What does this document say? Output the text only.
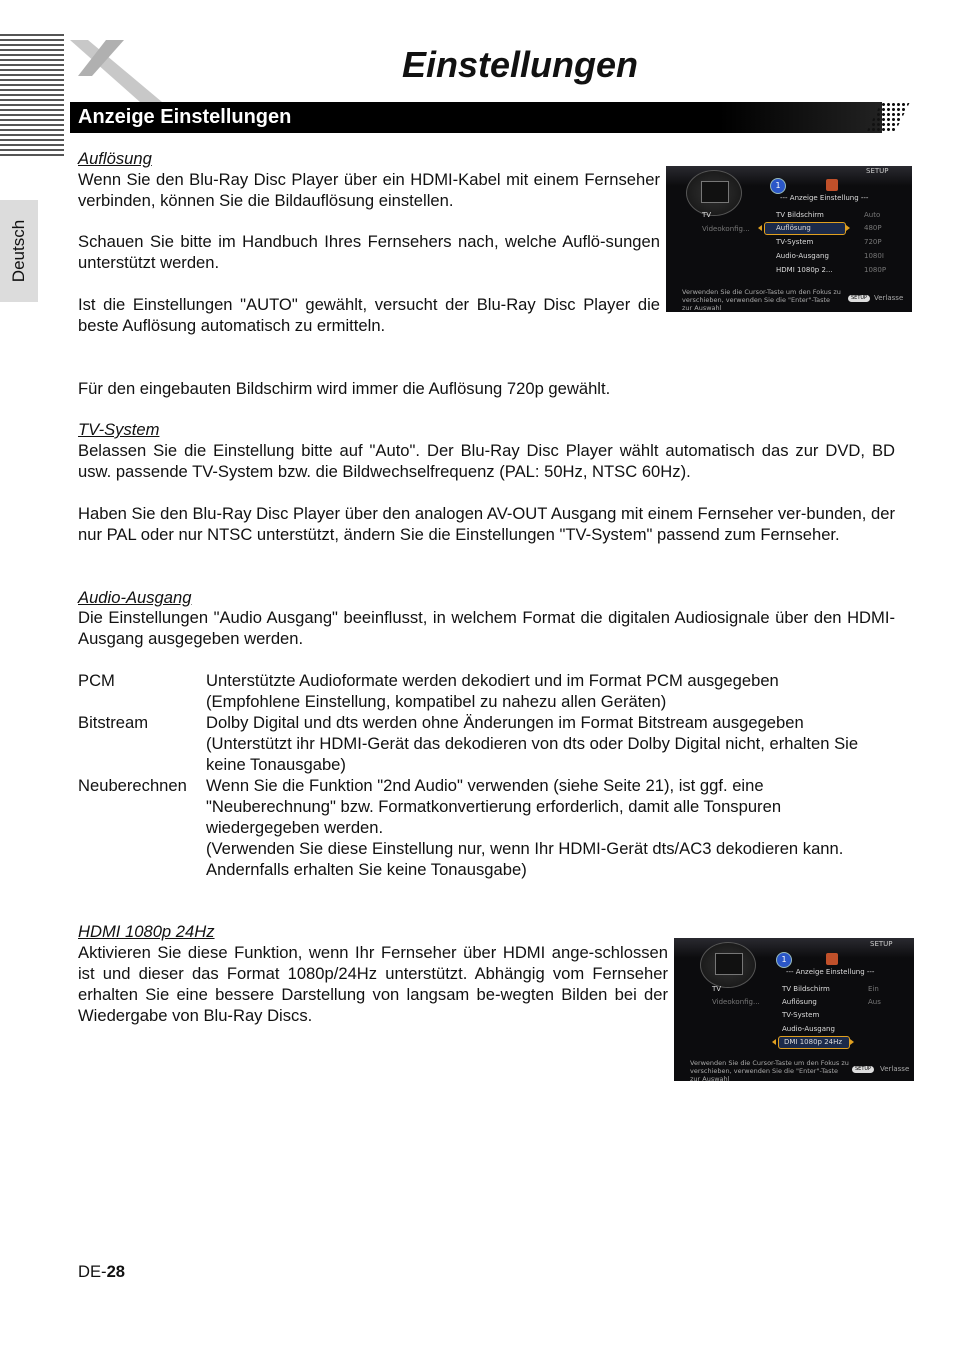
Einstellungen
Deutsch
Anzeige Einstellungen
Auflösung
Wenn Sie den Blu-Ray Disc Player über ein HDMI-Kabel mit einem Fernseher verbinden, können Sie die Bildauflösung einstellen.
Schauen Sie bitte im Handbuch Ihres Fernsehers nach, welche Auflö-sungen unterstützt werden.
Ist die Einstellungen "AUTO" gewählt, versucht der Blu-Ray Disc Player die beste Auflösung automatisch zu ermitteln.
Für den eingebauten Bildschirm wird immer die Auflösung 720p gewählt.
1
SETUP
--- Anzeige Einstellung ---
TV
Videokonfig...
TV Bildschirm
Auflösung
TV-System
Audio-Ausgang
HDMI 1080p 2...
Auto
480P
720P
1080I
1080P
Verwenden Sie die Cursor-Taste um den Fokus zu verschieben, verwenden Sie die "Enter"-Taste zur Auswahl
SETUP Verlasse
TV-System
Belassen Sie die Einstellung bitte auf "Auto". Der Blu-Ray Disc Player wählt automatisch das zur DVD, BD usw. passende TV-System bzw. die Bildwechselfrequenz (PAL: 50Hz, NTSC 60Hz).
Haben Sie den Blu-Ray Disc Player über den analogen AV-OUT Ausgang mit einem Fernseher ver-bunden, der nur PAL oder nur NTSC unterstützt, ändern Sie die Einstellungen "TV-System" passend zum Fernseher.
Audio-Ausgang
Die Einstellungen "Audio Ausgang" beeinflusst, in welchem Format die digitalen Audiosignale über den HDMI-Ausgang ausgegeben werden.
PCM	Unterstützte Audioformate werden dekodiert und im Format PCM ausgegeben
(Empfohlene Einstellung, kompatibel zu nahezu allen Geräten)
Bitstream	Dolby Digital und dts werden ohne Änderungen im Format Bitstream ausgegeben
(Unterstützt ihr HDMI-Gerät das dekodieren von dts oder Dolby Digital nicht, erhalten Sie keine Tonausgabe)
Neuberechnen Wenn Sie die Funktion "2nd Audio" verwenden (siehe Seite 21), ist ggf. eine "Neuberechnung" bzw. Formatkonvertierung erforderlich, damit alle Tonspuren wiedergegeben werden.
(Verwenden Sie diese Einstellung nur, wenn Ihr HDMI-Gerät dts/AC3 dekodieren kann. Andernfalls erhalten Sie keine Tonausgabe)
HDMI 1080p 24Hz
Aktivieren Sie diese Funktion, wenn Ihr Fernseher über HDMI ange-schlossen ist und dieser das Format 1080p/24Hz unterstützt. Abhängig vom Fernseher erhalten Sie eine bessere Darstellung von langsam be-wegten Bilden bei der Wiedergabe von Blu-Ray Discs.
1
SETUP
--- Anzeige Einstellung ---
TV
Videokonfig...
TV Bildschirm
Auflösung
TV-System
Audio-Ausgang
DMI 1080p 24Hz
Ein
Aus
Verwenden Sie die Cursor-Taste um den Fokus zu verschieben, verwenden Sie die "Enter"-Taste zur Auswahl
SETUP	Verlasse
DE-28
